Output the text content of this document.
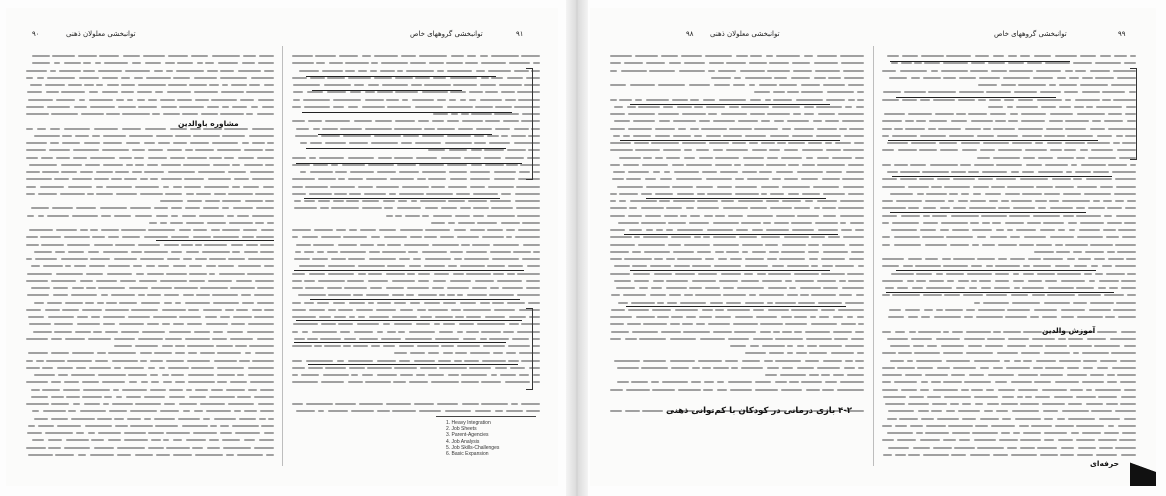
توانبخشی معلولان ذهنی
۹۰	توانبخشی گروههای خاص	۹۱
مشاوره باوالدین
1. Heavy Integration
2. Job Sheets
3. Parent-Agencies
4. Job Analysis
5. Job Skills-Challenges
6. Basic Expansion
توانبخشی معلولان ذهنی
۹۸	توانبخشی گروههای خاص	۹۹
آموزش والدین
۴-۲ بازی درمانی در کودکان با کم‌توانی ذهنی
حرفه‌ای
